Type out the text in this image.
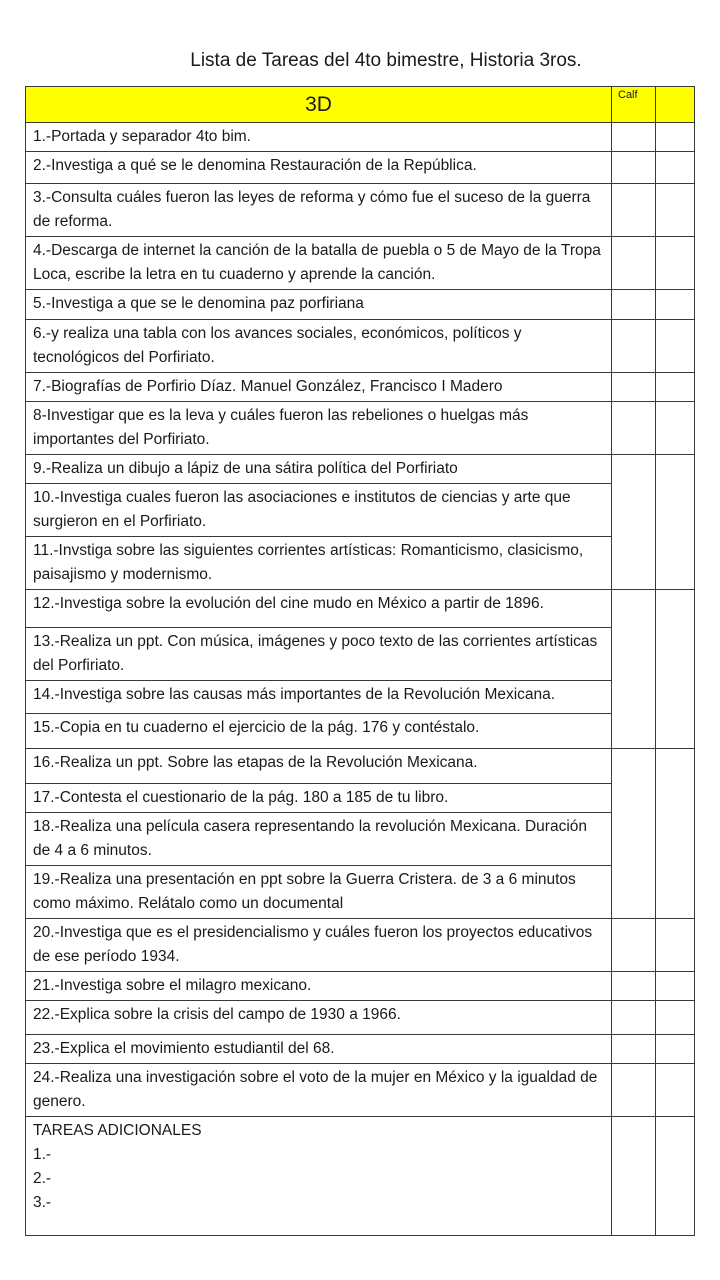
Lista de Tareas del 4to bimestre, Historia 3ros.
3D	Calf	
1.-Portada y separador 4to bim.		
2.-Investiga a qué se le denomina Restauración de la República.		
3.-Consulta cuáles fueron las leyes de reforma y cómo fue el suceso de la guerra de reforma.		
4.-Descarga de internet la canción de la batalla de puebla o 5 de Mayo de la Tropa Loca, escribe la letra en tu cuaderno y aprende la canción.		
5.-Investiga a que se le denomina paz porfiriana		
6.-y realiza una tabla con los avances sociales, económicos, políticos y tecnológicos del Porfiriato.		
7.-Biografías de Porfirio Díaz. Manuel González, Francisco I Madero		
8-Investigar que es la leva y cuáles fueron las rebeliones o huelgas más importantes del Porfiriato.		
9.-Realiza un dibujo a lápiz de una sátira política del Porfiriato		
10.-Investiga cuales fueron las asociaciones e institutos de ciencias y arte que surgieron en el Porfiriato.		
11.-Invstiga sobre las siguientes corrientes artísticas: Romanticismo, clasicismo, paisajismo y modernismo.		
12.-Investiga sobre la evolución del cine mudo en México a partir de 1896.		
13.-Realiza un ppt. Con música, imágenes y poco texto de las corrientes artísticas del Porfiriato.		
14.-Investiga sobre las causas más importantes de la Revolución Mexicana.		
15.-Copia en tu cuaderno el ejercicio de la pág. 176 y contéstalo.		
16.-Realiza un ppt. Sobre las etapas de la Revolución Mexicana.		
17.-Contesta el cuestionario de la pág. 180 a 185 de tu libro.		
18.-Realiza una película casera representando la revolución Mexicana. Duración de 4 a 6 minutos.		
19.-Realiza una presentación en ppt sobre la Guerra Cristera. de 3 a 6 minutos como máximo. Relátalo como un documental		
20.-Investiga que es el presidencialismo y cuáles fueron los proyectos educativos de ese período 1934.		
21.-Investiga sobre el milagro mexicano.		
22.-Explica sobre la crisis del campo de 1930 a 1966.		
23.-Explica el movimiento estudiantil del 68.		
24.-Realiza una investigación sobre el voto de la mujer en México y la igualdad de genero.		

TAREAS ADICIONALES
1.-
2.-
3.-		
